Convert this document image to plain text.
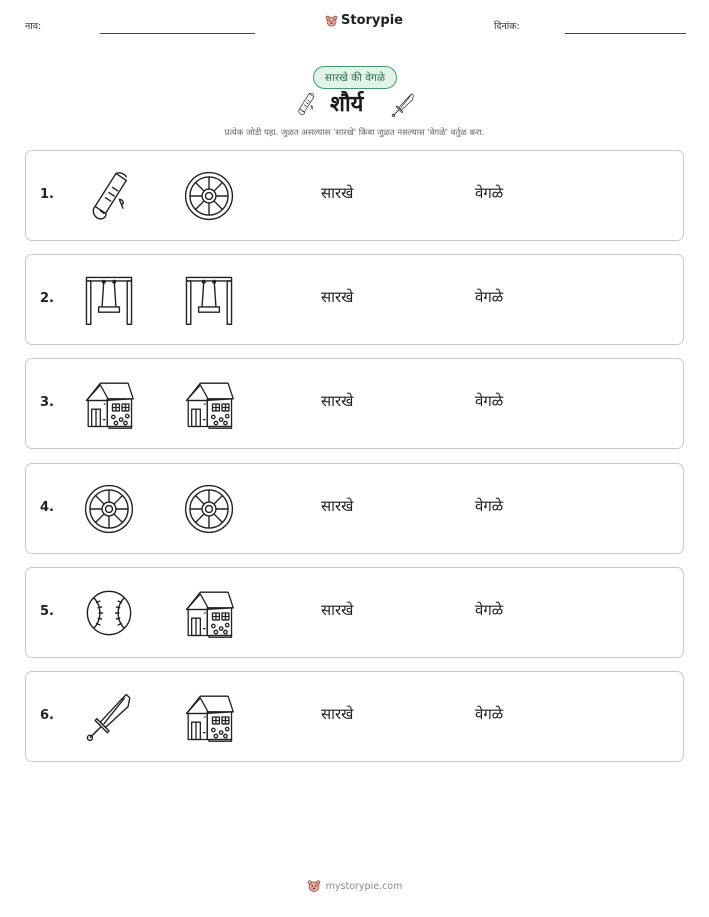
नाव:	Storypie	दिनांक:
सारखे की वेगळे
शौर्य
प्रत्येक जोडी पहा. जुळत असल्यास 'सारखे' किंवा जुळत नसल्यास 'वेगळे' वर्तुळ करा.
1.	सारखे	वेगळे
2.	सारखे	वेगळे
3.	सारखे	वेगळे
4.	सारखे	वेगळे
5.	सारखे	वेगळे
6.	सारखे	वेगळे
mystorypie.com
